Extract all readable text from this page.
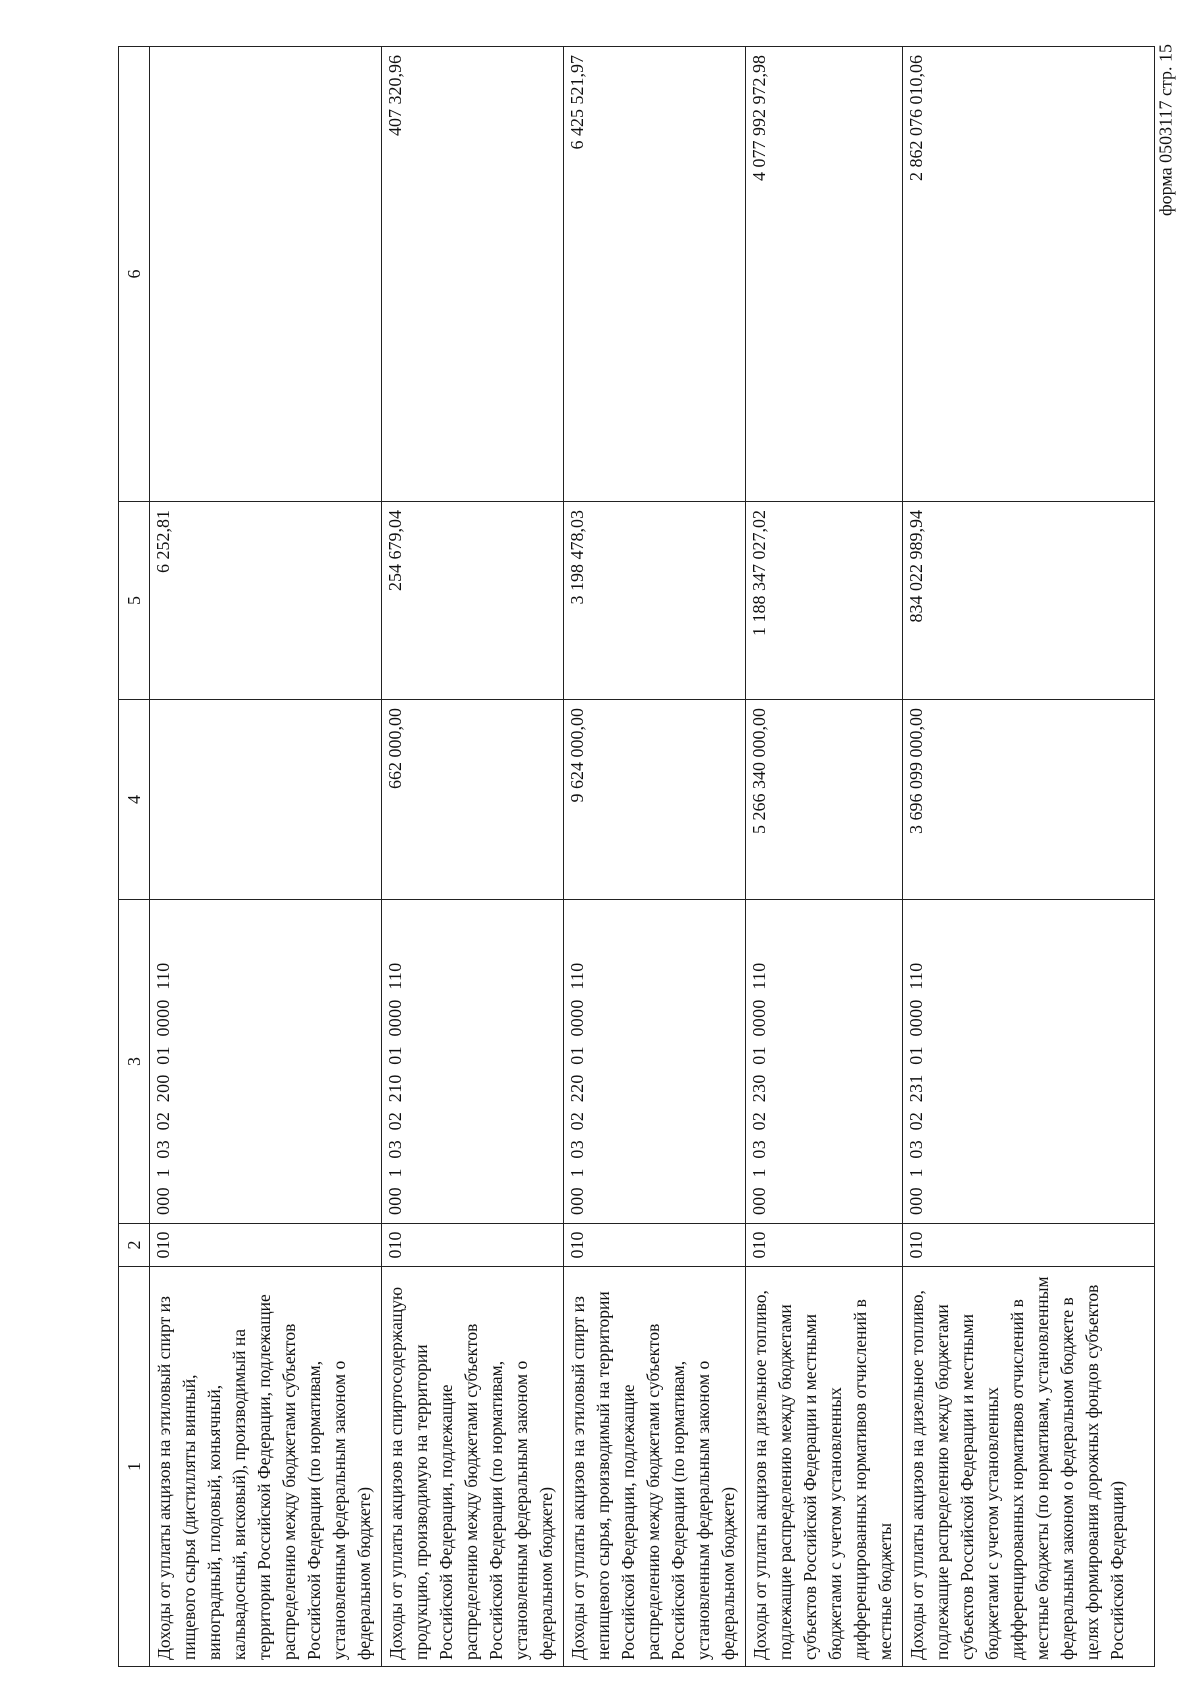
форма 0503117 стр. 15
1	2	3	4	5	6
Доходы от уплаты акцизов на этиловый спирт из пищевого сырья (дистилляты винный, виноградный, плодовый, коньячный, кальвадосный, висковый), производимый на территории Российской Федерации, подлежащие распределению между бюджетами субъектов Российской Федерации (по нормативам, установленным федеральным законом о федеральном бюджете)	010	000  1  03  02  200  01  0000  110		6 252,81	
Доходы от уплаты акцизов на спиртосодержащую продукцию, производимую на территории Российской Федерации, подлежащие распределению между бюджетами субъектов Российской Федерации (по нормативам, установленным федеральным законом о федеральном бюджете)	010	000  1  03  02  210  01  0000  110	662 000,00	254 679,04	407 320,96
Доходы от уплаты акцизов на этиловый спирт из непищевого сырья, производимый на территории Российской Федерации, подлежащие распределению между бюджетами субъектов Российской Федерации (по нормативам, установленным федеральным законом о федеральном бюджете)	010	000  1  03  02  220  01  0000  110	9 624 000,00	3 198 478,03	6 425 521,97
Доходы от уплаты акцизов на дизельное топливо, подлежащие распределению между бюджетами субъектов Российской Федерации и местными бюджетами с учетом установленных дифференцированных нормативов отчислений в местные бюджеты	010	000  1  03  02  230  01  0000  110	5 266 340 000,00	1 188 347 027,02	4 077 992 972,98
Доходы от уплаты акцизов на дизельное топливо, подлежащие распределению между бюджетами субъектов Российской Федерации и местными бюджетами с учетом установленных дифференцированных нормативов отчислений в местные бюджеты (по нормативам, установленным федеральным законом о федеральном бюджете в целях формирования дорожных фондов субъектов Российской Федерации)	010	000  1  03  02  231  01  0000  110	3 696 099 000,00	834 022 989,94	2 862 076 010,06
